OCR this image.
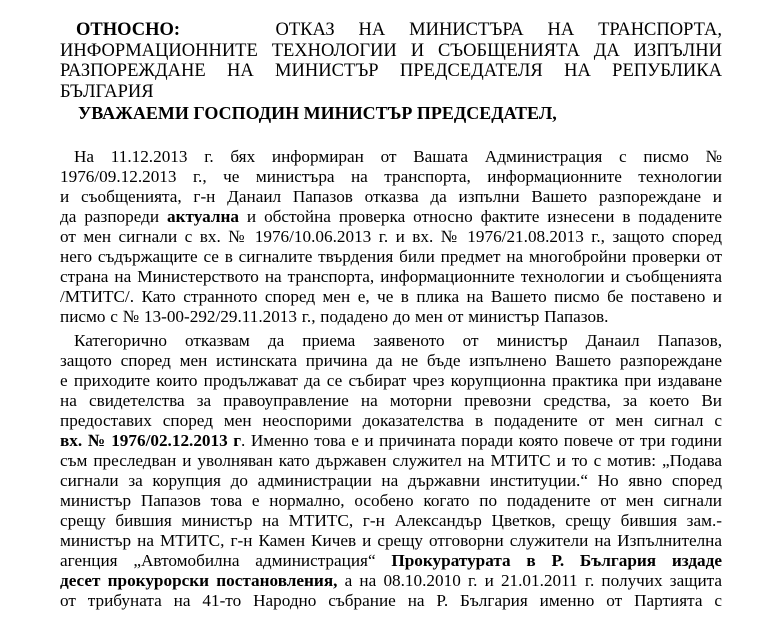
ОТНОСНО:	ОТКАЗ НА МИНИСТЪРА НА ТРАНСПОРТА, ИНФОРМАЦИОННИТЕ ТЕХНОЛОГИИ И СЪОБЩЕНИЯТА ДА ИЗПЪЛНИ РАЗПОРЕЖДАНЕ НА МИНИСТЪР ПРЕДСЕДАТЕЛЯ НА РЕПУБЛИКА БЪЛГАРИЯ
УВАЖАЕМИ ГОСПОДИН МИНИСТЪР ПРЕДСЕДАТЕЛ,
На 11.12.2013 г. бях информиран от Вашата Администрация с писмо №
1976/09.12.2013 г., че министъра на транспорта, информационните технологии
и съобщенията, г-н Данаил Папазов отказва да изпълни Вашето разпореждане и
да разпореди актуална и обстойна проверка относно фактите изнесени в подадените
от мен сигнали с вх. № 1976/10.06.2013 г. и вх. № 1976/21.08.2013 г., защото според
него съдържащите се в сигналите твърдения били предмет на многобройни проверки от
страна на Министерството на транспорта, информационните технологии и съобщенията
/МТИТС/. Като странното според мен е, че в плика на Вашето писмо бе поставено и
писмо с № 13-00-292/29.11.2013 г., подадено до мен от министър Папазов.
Категорично отказвам да приема заявеното от министър Данаил Папазов,
защото според мен истинската причина да не бъде изпълнено Вашето разпореждане
е приходите които продължават да се събират чрез корупционна практика при издаване
на свидетелства за правоуправление на моторни превозни средства, за което Ви
предоставих според мен неоспорими доказателства в подадените от мен сигнал с
вх. № 1976/02.12.2013 г. Именно това е и причината поради която повече от три години
съм преследван и уволняван като държавен служител на МТИТС и то с мотив: „Подава
сигнали за корупция до администрации на държавни институции.“ Но явно според
министър Папазов това е нормално, особено когато по подадените от мен сигнали
срещу бившия министър на МТИТС, г-н Александър Цветков, срещу бившия зам.-
министър на МТИТС, г-н Камен Кичев и срещу отговорни служители на Изпълнителна
агенция „Автомобилна администрация“ Прокуратурата в Р. България издаде
десет прокурорски постановления, а на 08.10.2010 г. и 21.01.2011 г. получих защита
от трибуната на 41-то Народно събрание на Р. България именно от Партията с
